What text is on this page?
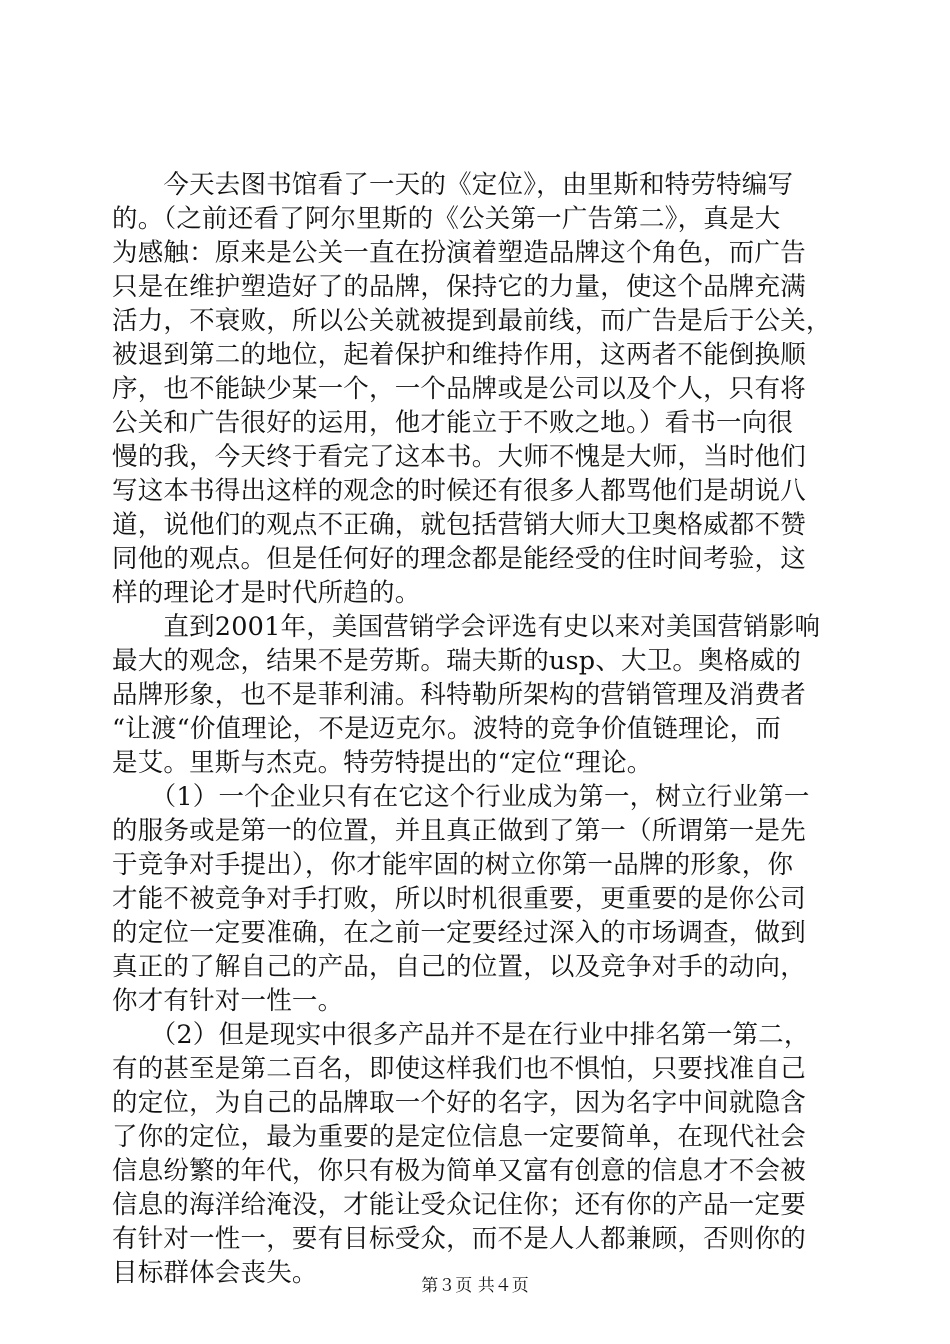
　　今天去图书馆看了一天的《定位》，由里斯和特劳特编写
的。（之前还看了阿尔里斯的《公关第一广告第二》，真是大
为感触：原来是公关一直在扮演着塑造品牌这个角色，而广告
只是在维护塑造好了的品牌，保持它的力量，使这个品牌充满
活力，不衰败，所以公关就被提到最前线，而广告是后于公关，
被退到第二的地位，起着保护和维持作用，这两者不能倒换顺
序，也不能缺少某一个，一个品牌或是公司以及个人，只有将
公关和广告很好的运用，他才能立于不败之地。）看书一向很
慢的我，今天终于看完了这本书。大师不愧是大师，当时他们
写这本书得出这样的观念的时候还有很多人都骂他们是胡说八
道，说他们的观点不正确，就包括营销大师大卫奥格威都不赞
同他的观点。但是任何好的理念都是能经受的住时间考验，这
样的理论才是时代所趋的。
　　直到2001年，美国营销学会评选有史以来对美国营销影响
最大的观念，结果不是劳斯。瑞夫斯的usp、大卫。奥格威的
品牌形象，也不是菲利浦。科特勒所架构的营销管理及消费者
“让渡“价值理论，不是迈克尔。波特的竞争价值链理论，而
是艾。里斯与杰克。特劳特提出的“定位“理论。
　　（1）一个企业只有在它这个行业成为第一，树立行业第一
的服务或是第一的位置，并且真正做到了第一（所谓第一是先
于竞争对手提出），你才能牢固的树立你第一品牌的形象，你
才能不被竞争对手打败，所以时机很重要，更重要的是你公司
的定位一定要准确，在之前一定要经过深入的市场调查，做到
真正的了解自己的产品，自己的位置，以及竞争对手的动向，
你才有针对一性一。
　　（2）但是现实中很多产品并不是在行业中排名第一第二，
有的甚至是第二百名，即使这样我们也不惧怕，只要找准自己
的定位，为自己的品牌取一个好的名字，因为名字中间就隐含
了你的定位，最为重要的是定位信息一定要简单，在现代社会
信息纷繁的年代，你只有极为简单又富有创意的信息才不会被
信息的海洋给淹没，才能让受众记住你；还有你的产品一定要
有针对一性一，要有目标受众，而不是人人都兼顾，否则你的
目标群体会丧失。	第３页 共４页
